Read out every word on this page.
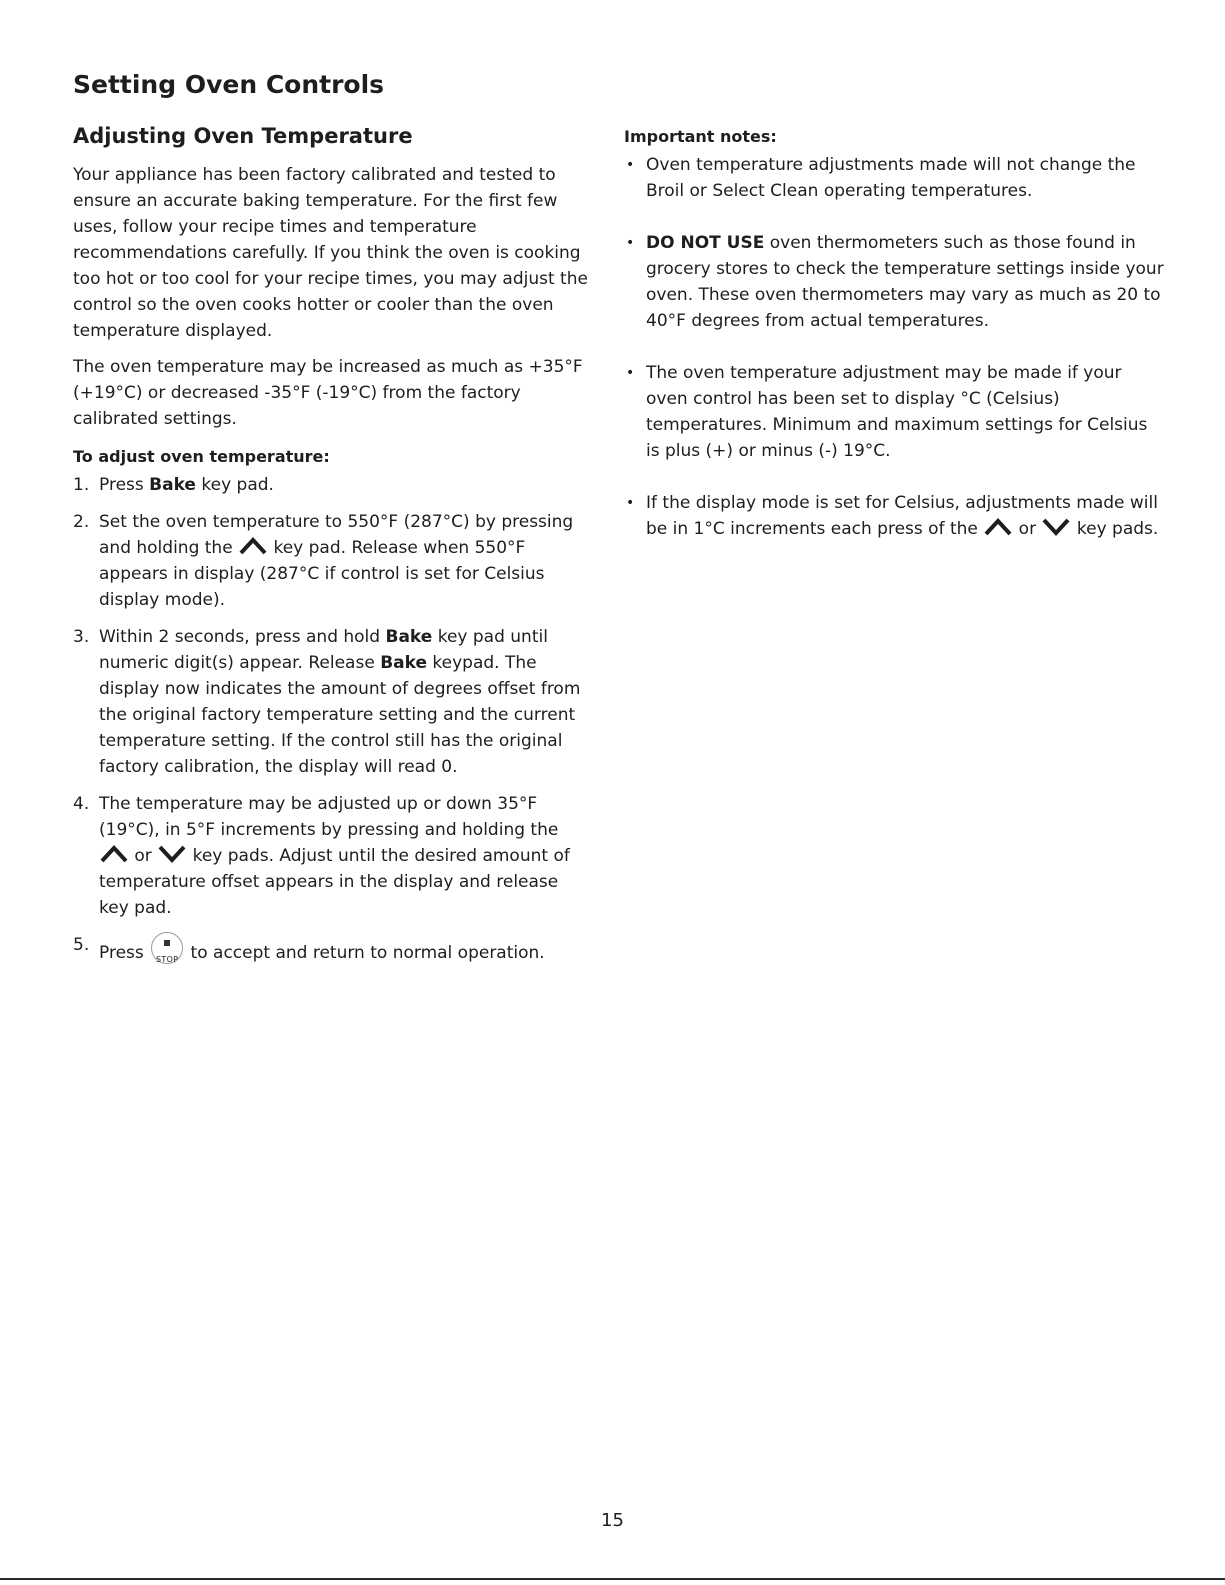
Setting Oven Controls
Adjusting Oven Temperature

Your appliance has been factory calibrated and tested to ensure an accurate baking temperature. For the first few uses, follow your recipe times and temperature recommendations carefully. If you think the oven is cooking too hot or too cool for your recipe times, you may adjust the control so the oven cooks hotter or cooler than the oven temperature displayed.

The oven temperature may be increased as much as +35°F (+19°C) or decreased -35°F (-19°C) from the factory calibrated settings.

To adjust oven temperature:
1. Press Bake key pad.
2. Set the oven temperature to 550°F (287°C) by pressing and holding the
key pad. Release when 550°F appears in display (287°C if control is set for Celsius display mode).
3. Within 2 seconds, press and hold Bake key pad until numeric digit(s) appear. Release Bake keypad. The display now indicates the amount of degrees offset from the original factory temperature setting and the current temperature setting. If the control still has the original factory calibration, the display will read 0.
4. The temperature may be adjusted up or down 35°F (19°C), in 5°F increments by pressing and holding the
or
key pads. Adjust until the desired amount of temperature offset appears in the display and release key pad.
5. Press STOP to accept and return to normal operation.
Important notes:
• Oven temperature adjustments made will not change the Broil or Select Clean operating temperatures.
• DO NOT USE oven thermometers such as those found in grocery stores to check the temperature settings inside your oven. These oven thermometers may vary as much as 20 to 40°F degrees from actual temperatures.
• The oven temperature adjustment may be made if your oven control has been set to display °C (Celsius) temperatures. Minimum and maximum settings for Celsius is plus (+) or minus (-) 19°C.
• If the display mode is set for Celsius, adjustments made will be in 1°C increments each press of the
or
key pads.
15
